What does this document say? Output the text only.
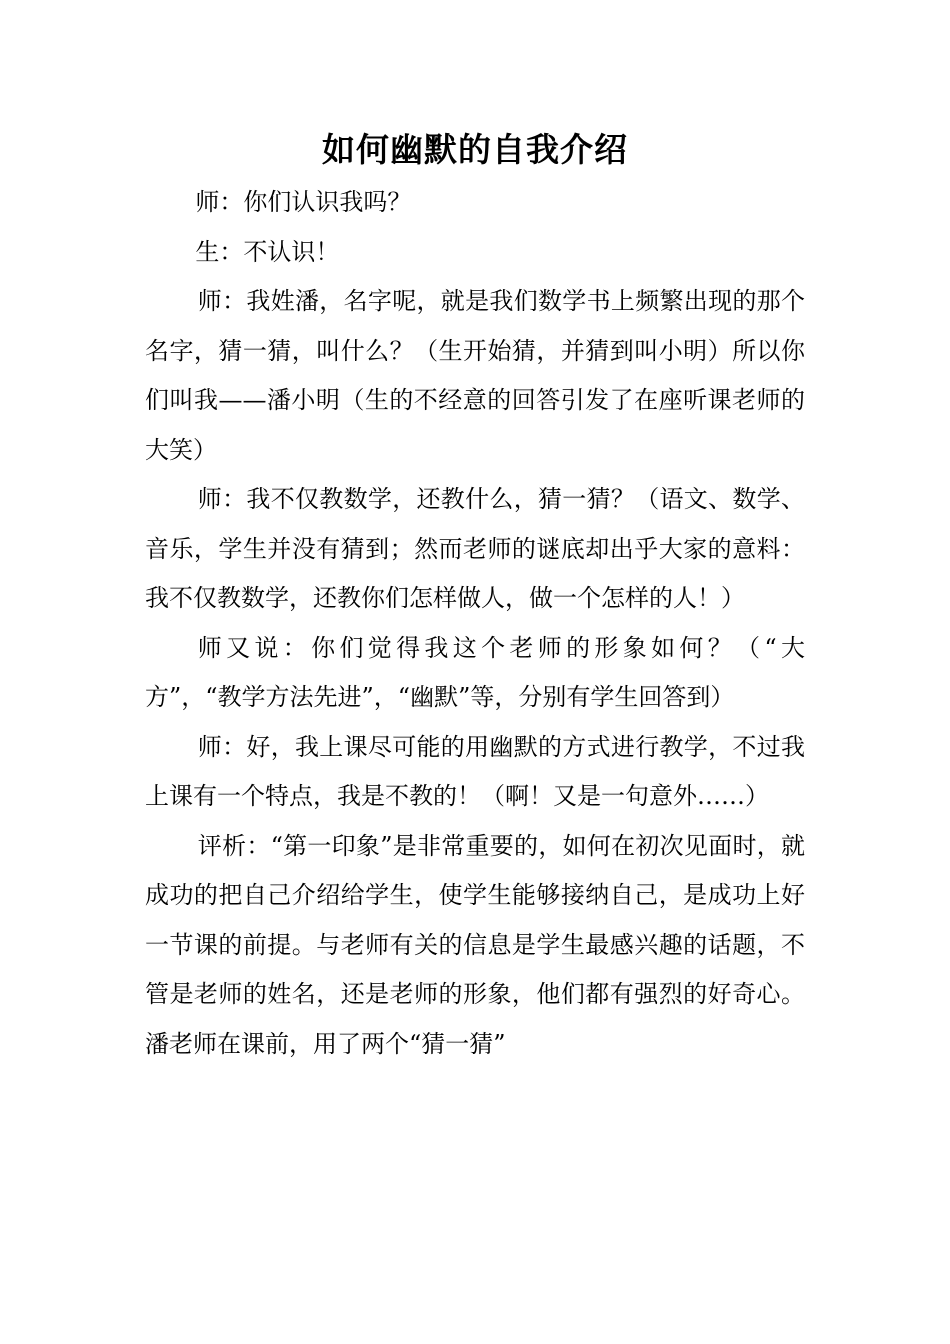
如何幽默的自我介绍

师：你们认识我吗？

生：不认识！

师：我姓潘，名字呢，就是我们数学书上频繁出现的那个名字，猜一猜，叫什么？（生开始猜，并猜到叫小明）所以你们叫我——潘小明（生的不经意的回答引发了在座听课老师的大笑）

师：我不仅教数学，还教什么，猜一猜？（语文、数学、音乐，学生并没有猜到；然而老师的谜底却出乎大家的意料：我不仅教数学，还教你们怎样做人，做一个怎样的人！）

师又说：你们觉得我这个老师的形象如何？（“大方”，“教学方法先进”，“幽默”等，分别有学生回答到）

师：好，我上课尽可能的用幽默的方式进行教学，不过我上课有一个特点，我是不教的！（啊！又是一句意外……）

评析：“第一印象”是非常重要的，如何在初次见面时，就成功的把自己介绍给学生，使学生能够接纳自己，是成功上好一节课的前提。与老师有关的信息是学生最感兴趣的话题，不管是老师的姓名，还是老师的形象，他们都有强烈的好奇心。潘老师在课前，用了两个“猜一猜”
